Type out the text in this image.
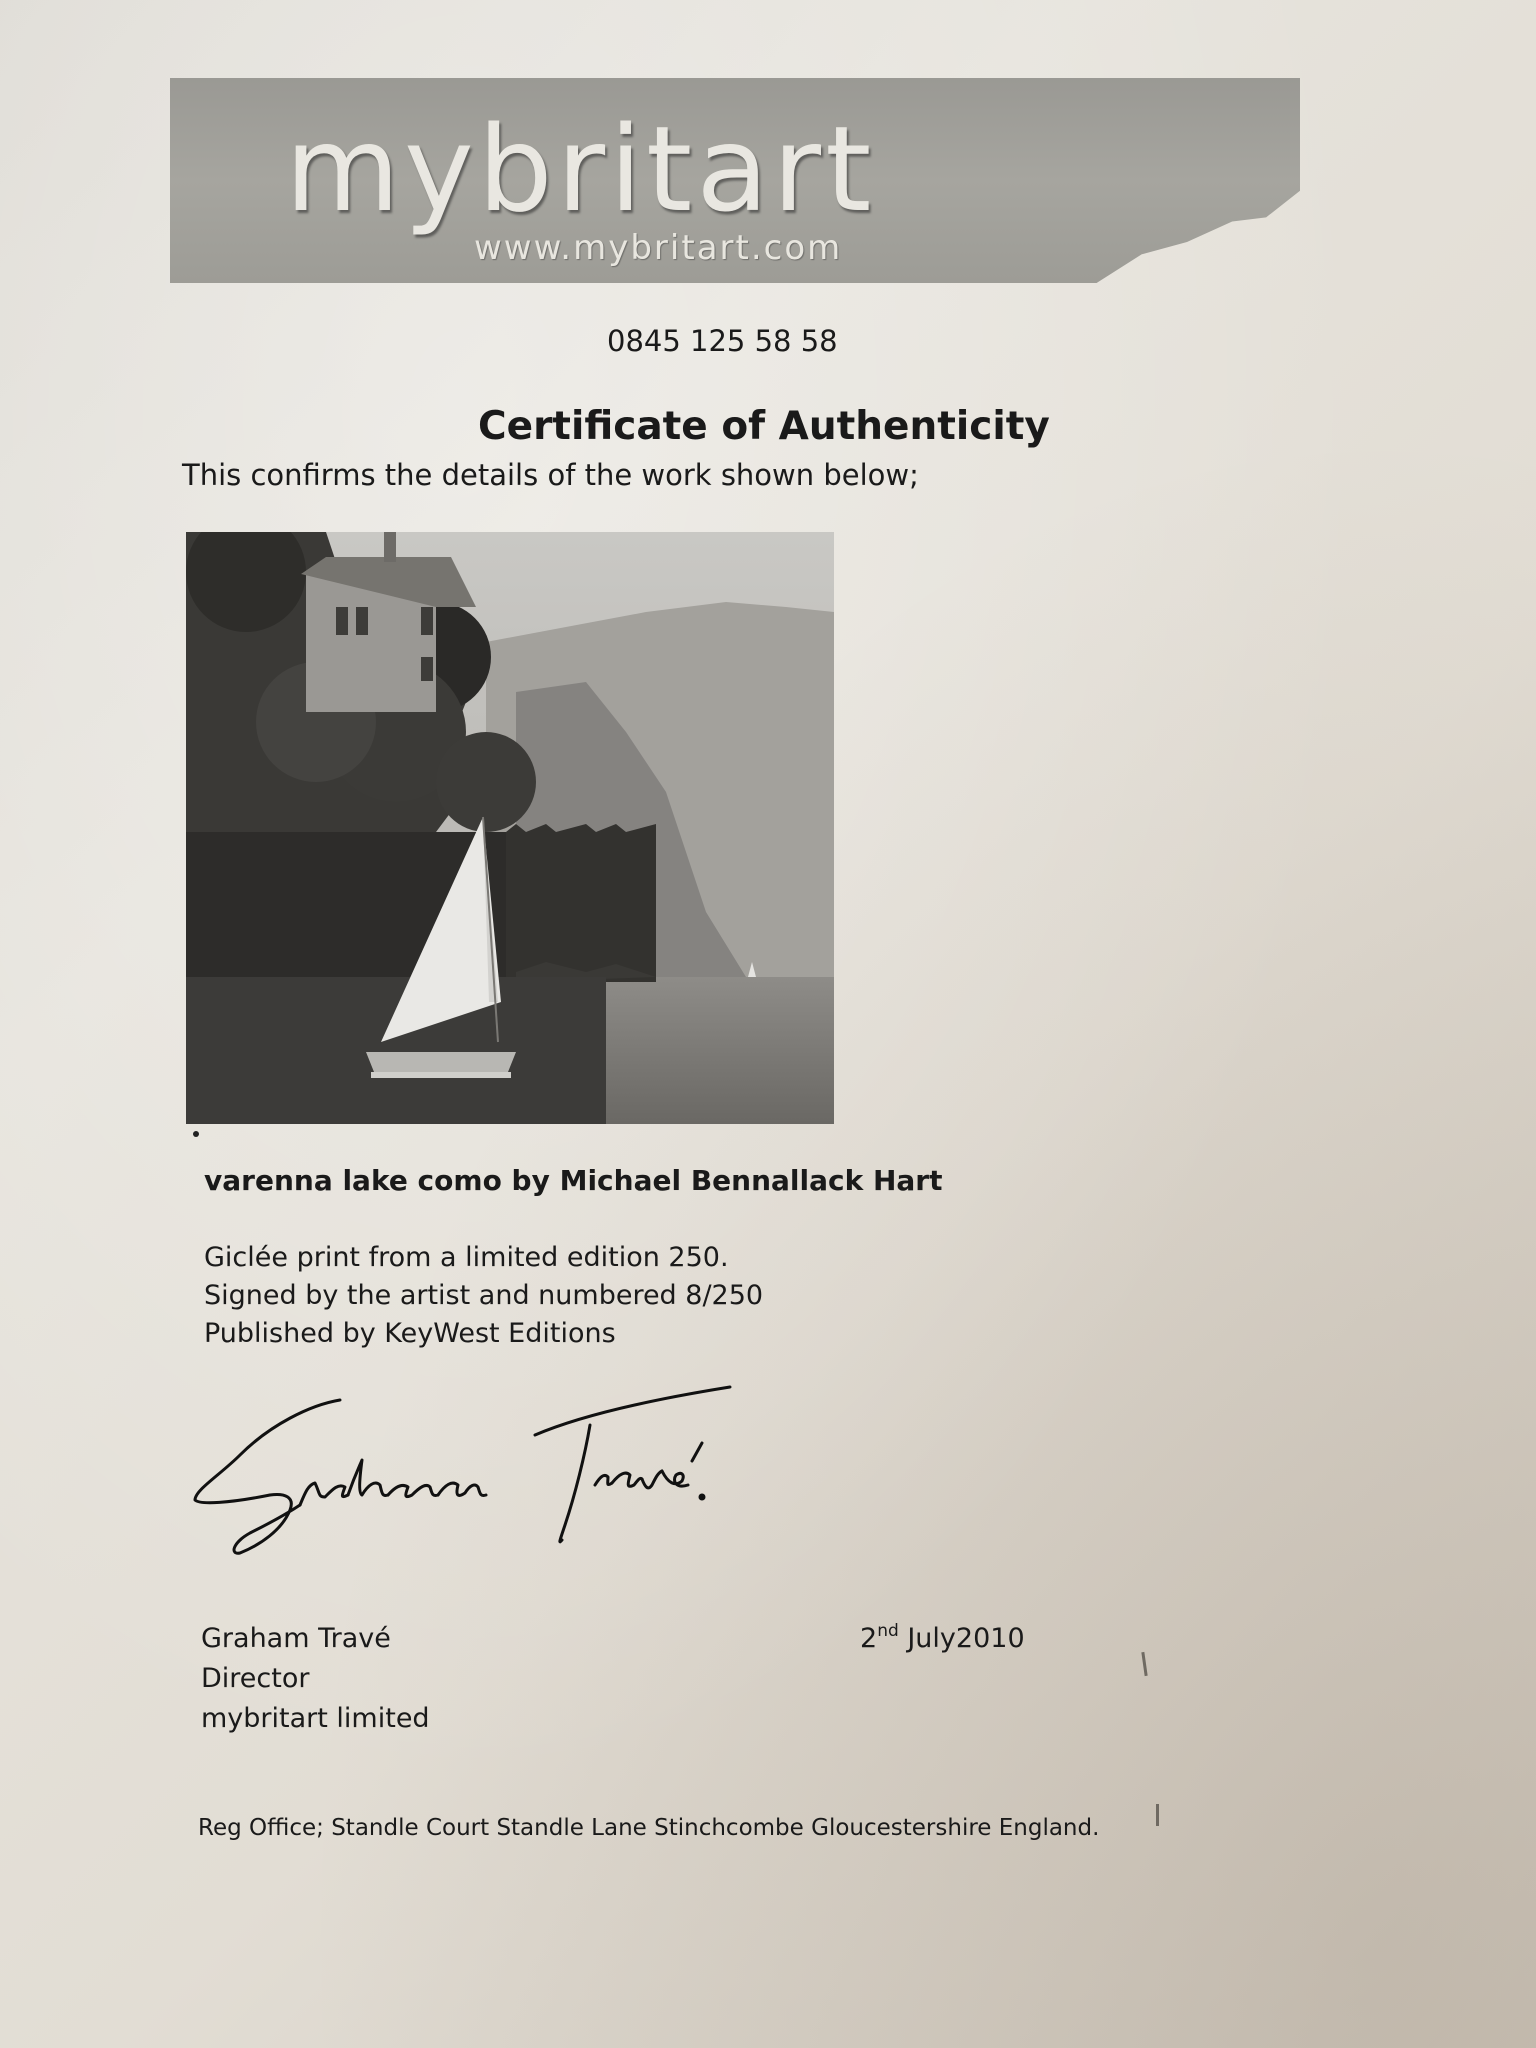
mybritart
www.mybritart.com
0845 125 58 58
Certificate of Authenticity
This confirms the details of the work shown below;
varenna lake como by Michael Bennallack Hart
Giclée print from a limited edition 250.
Signed by the artist and numbered 8/250
Published by KeyWest Editions
Graham Travé
Director
mybritart limited
2nd July2010
Reg Office; Standle Court Standle Lane Stinchcombe Gloucestershire England.
